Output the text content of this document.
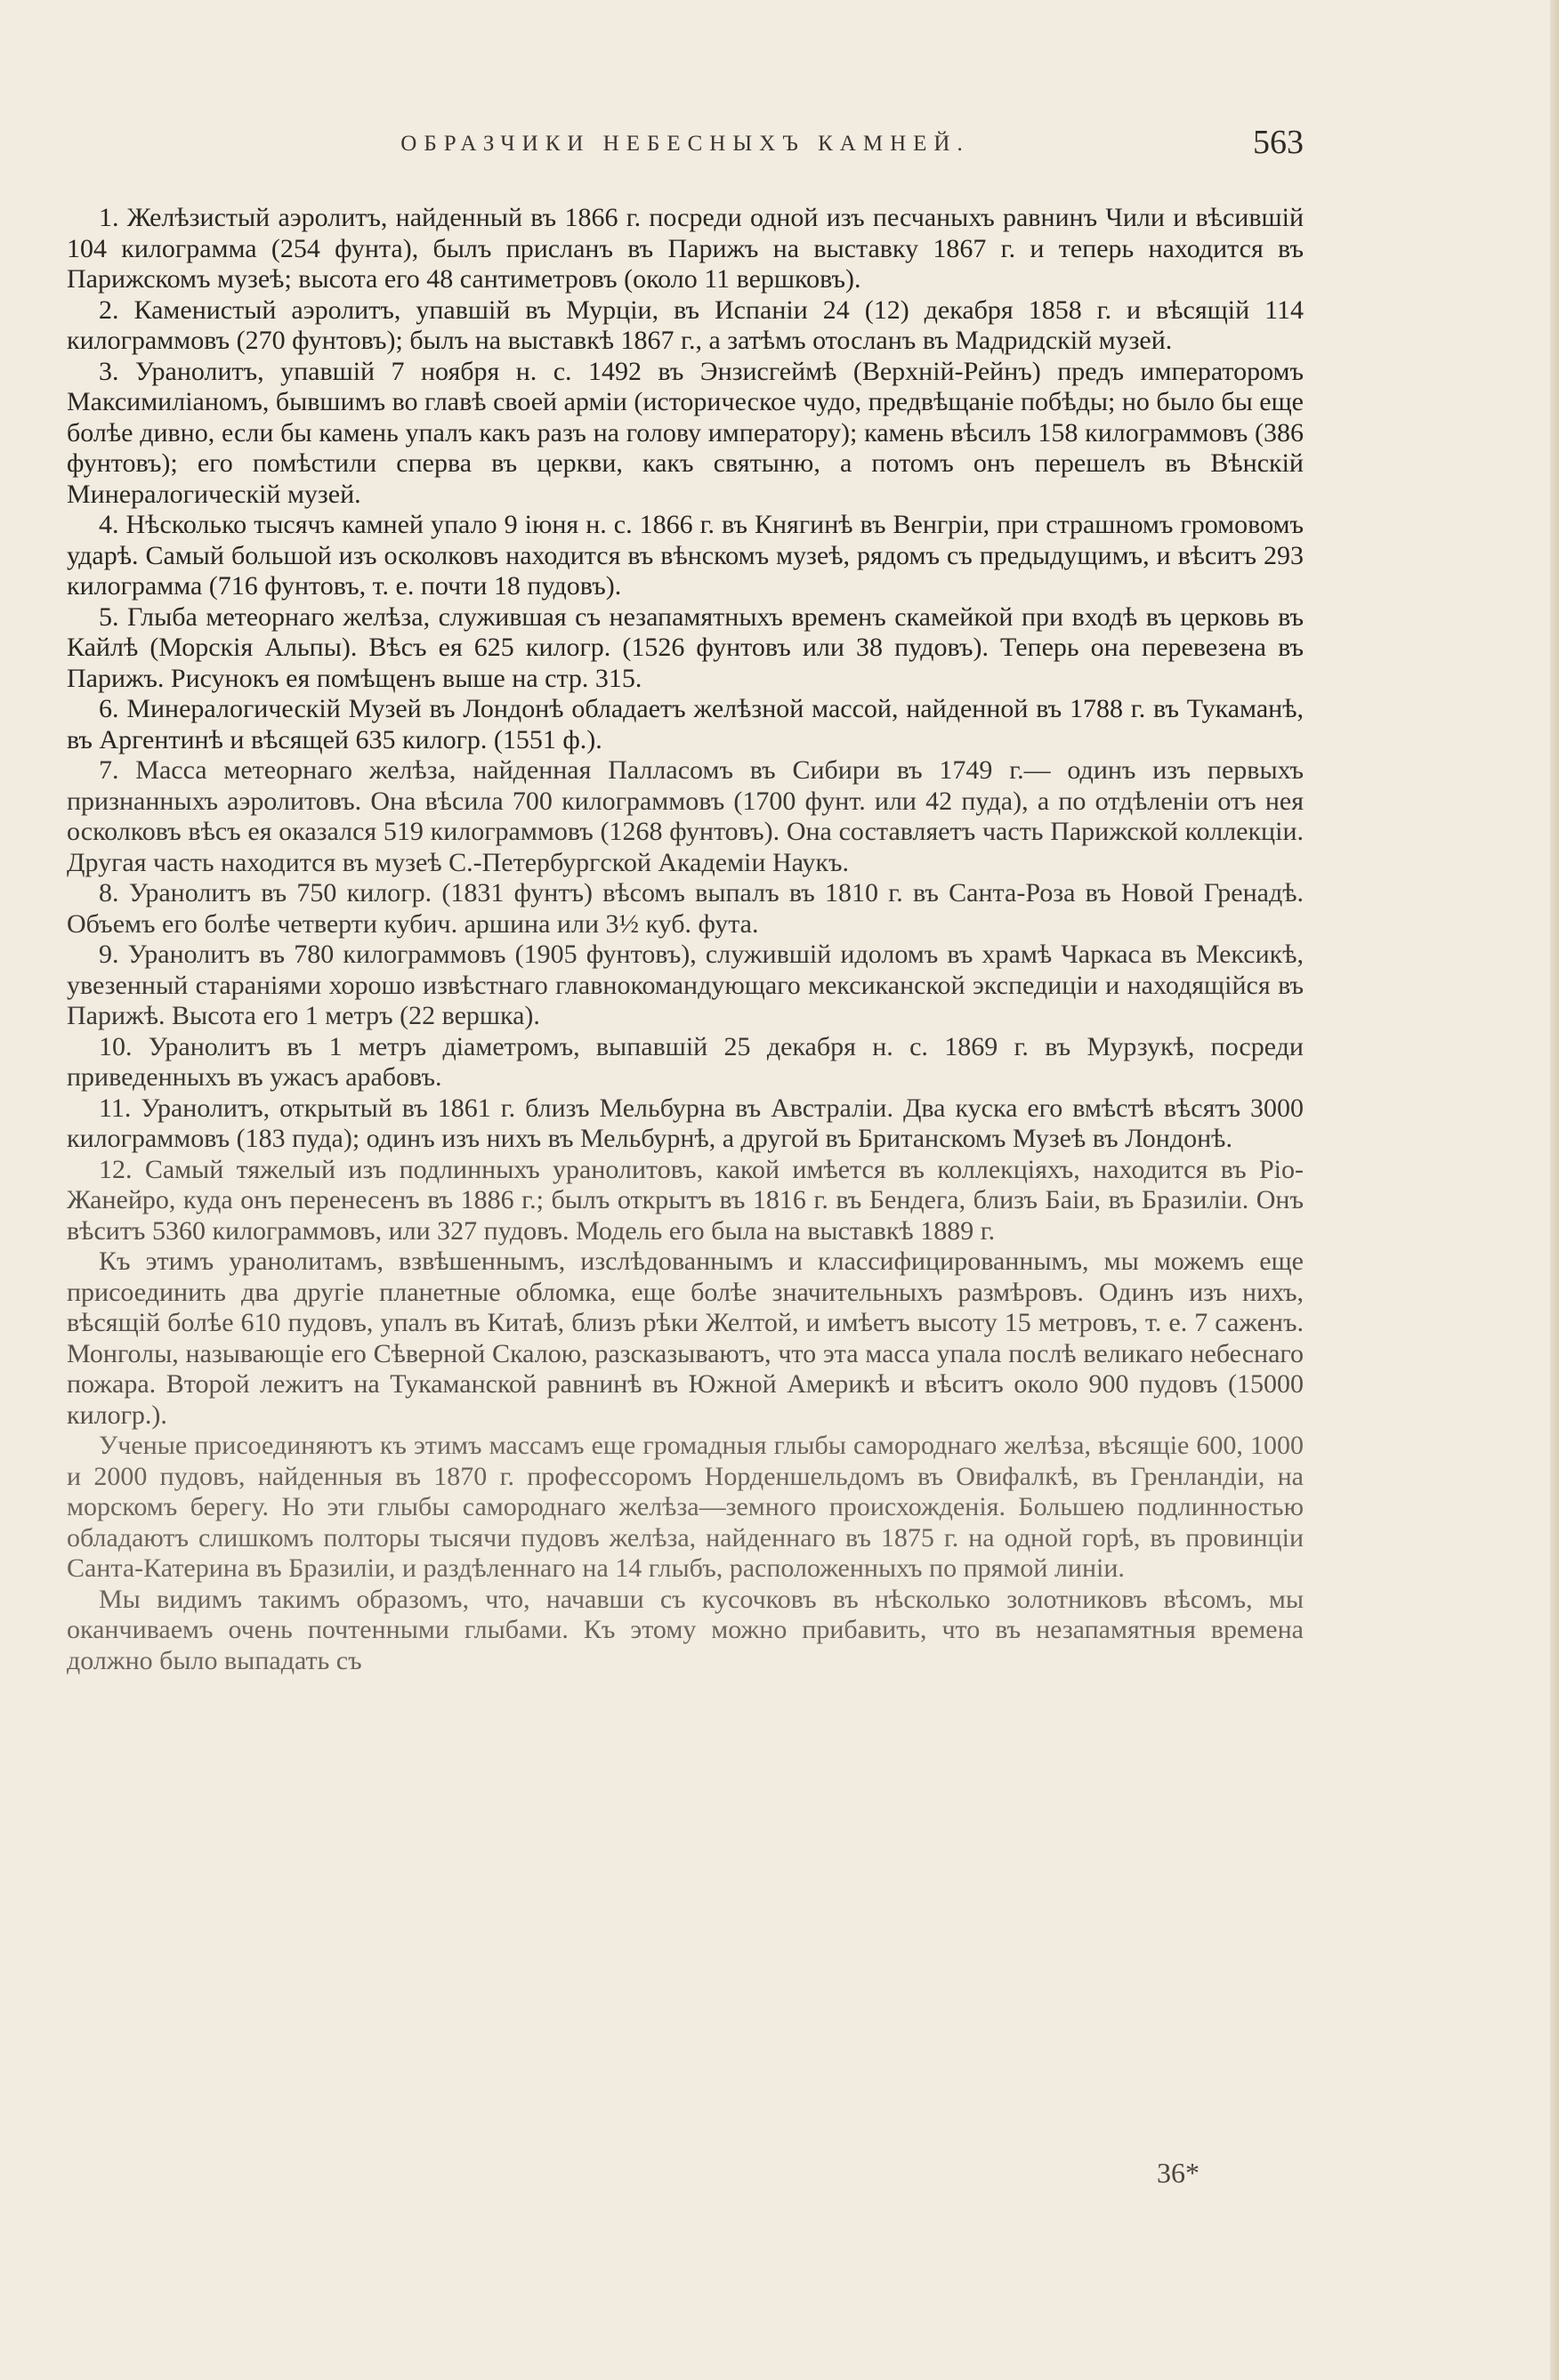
ОБРАЗЧИКИ НЕБЕСНЫХЪ КАМНЕЙ.	563

1. Желѣзистый аэролитъ, найденный въ 1866 г. посреди одной изъ песчаныхъ равнинъ Чили и вѣсившій 104 килограмма (254 фунта), былъ присланъ въ Парижъ на выставку 1867 г. и теперь находится въ Парижскомъ музеѣ; высота его 48 сантиметровъ (около 11 вершковъ).

2. Каменистый аэролитъ, упавшій въ Мурціи, въ Испаніи 24 (12) декабря 1858 г. и вѣсящій 114 килограммовъ (270 фунтовъ); былъ на выставкѣ 1867 г., а затѣмъ отосланъ въ Мадридскій музей.

3. Уранолитъ, упавшій 7 ноября н. с. 1492 въ Энзисгеймѣ (Верхній-Рейнъ) предъ императоромъ Максимиліаномъ, бывшимъ во главѣ своей арміи (историческое чудо, предвѣщаніе побѣды; но было бы еще болѣе дивно, если бы камень упалъ какъ разъ на голову императору); камень вѣсилъ 158 килограммовъ (386 фунтовъ); его помѣстили сперва въ церкви, какъ святыню, а потомъ онъ перешелъ въ Вѣнскій Минералогическій музей.

4. Нѣсколько тысячъ камней упало 9 іюня н. с. 1866 г. въ Княгинѣ въ Венгріи, при страшномъ громовомъ ударѣ. Самый большой изъ осколковъ находится въ вѣнскомъ музеѣ, рядомъ съ предыдущимъ, и вѣситъ 293 килограмма (716 фунтовъ, т. е. почти 18 пудовъ).

5. Глыба метеорнаго желѣза, служившая съ незапамятныхъ временъ скамейкой при входѣ въ церковь въ Кайлѣ (Морскія Альпы). Вѣсъ ея 625 килогр. (1526 фунтовъ или 38 пудовъ). Теперь она перевезена въ Парижъ. Рисунокъ ея помѣщенъ выше на стр. 315.

6. Минералогическій Музей въ Лондонѣ обладаетъ желѣзной массой, найденной въ 1788 г. въ Тукаманѣ, въ Аргентинѣ и вѣсящей 635 килогр. (1551 ф.).

7. Масса метеорнаго желѣза, найденная Палласомъ въ Сибири въ 1749 г.— одинъ изъ первыхъ признанныхъ аэролитовъ. Она вѣсила 700 килограммовъ (1700 фунт. или 42 пуда), а по отдѣленіи отъ нея осколковъ вѣсъ ея оказался 519 килограммовъ (1268 фунтовъ). Она составляетъ часть Парижской коллекціи. Другая часть находится въ музеѣ С.-Петербургской Академіи Наукъ.

8. Уранолитъ въ 750 килогр. (1831 фунтъ) вѣсомъ выпалъ въ 1810 г. въ Санта-Роза въ Новой Гренадѣ. Объемъ его болѣе четверти кубич. аршина или 3½ куб. фута.

9. Уранолитъ въ 780 килограммовъ (1905 фунтовъ), служившій идоломъ въ храмѣ Чаркаса въ Мексикѣ, увезенный стараніями хорошо извѣстнаго главнокомандующаго мексиканской экспедиціи и находящійся въ Парижѣ. Высота его 1 метръ (22 вершка).

10. Уранолитъ въ 1 метръ діаметромъ, выпавшій 25 декабря н. с. 1869 г. въ Мурзукѣ, посреди приведенныхъ въ ужасъ арабовъ.

11. Уранолитъ, открытый въ 1861 г. близъ Мельбурна въ Австраліи. Два куска его вмѣстѣ вѣсятъ 3000 килограммовъ (183 пуда); одинъ изъ нихъ въ Мельбурнѣ, а другой въ Британскомъ Музеѣ въ Лондонѣ.

12. Самый тяжелый изъ подлинныхъ уранолитовъ, какой имѣется въ коллекціяхъ, находится въ Ріо-Жанейро, куда онъ перенесенъ въ 1886 г.; былъ открытъ въ 1816 г. въ Бендега, близъ Баіи, въ Бразиліи. Онъ вѣситъ 5360 килограммовъ, или 327 пудовъ. Модель его была на выставкѣ 1889 г.

Къ этимъ уранолитамъ, взвѣшеннымъ, изслѣдованнымъ и классифицированнымъ, мы можемъ еще присоединить два другіе планетные обломка, еще болѣе значительныхъ размѣровъ. Одинъ изъ нихъ, вѣсящій болѣе 610 пудовъ, упалъ въ Китаѣ, близъ рѣки Желтой, и имѣетъ высоту 15 метровъ, т. е. 7 саженъ. Монголы, называющіе его Сѣверной Скалою, разсказываютъ, что эта масса упала послѣ великаго небеснаго пожара. Второй лежитъ на Тукаманской равнинѣ въ Южной Америкѣ и вѣситъ около 900 пудовъ (15000 килогр.).

Ученые присоединяютъ къ этимъ массамъ еще громадныя глыбы самороднаго желѣза, вѣсящіе 600, 1000 и 2000 пудовъ, найденныя въ 1870 г. профессоромъ Норденшельдомъ въ Овифалкѣ, въ Гренландіи, на морскомъ берегу. Но эти глыбы самороднаго желѣза—земного происхожденія. Большею подлинностью обладаютъ слишкомъ полторы тысячи пудовъ желѣза, найденнаго въ 1875 г. на одной горѣ, въ провинціи Санта-Катерина въ Бразиліи, и раздѣленнаго на 14 глыбъ, расположенныхъ по прямой линіи.

Мы видимъ такимъ образомъ, что, начавши съ кусочковъ въ нѣсколько золотниковъ вѣсомъ, мы оканчиваемъ очень почтенными глыбами. Къ этому можно прибавить, что въ незапамятныя времена должно было выпадать съ

36*
